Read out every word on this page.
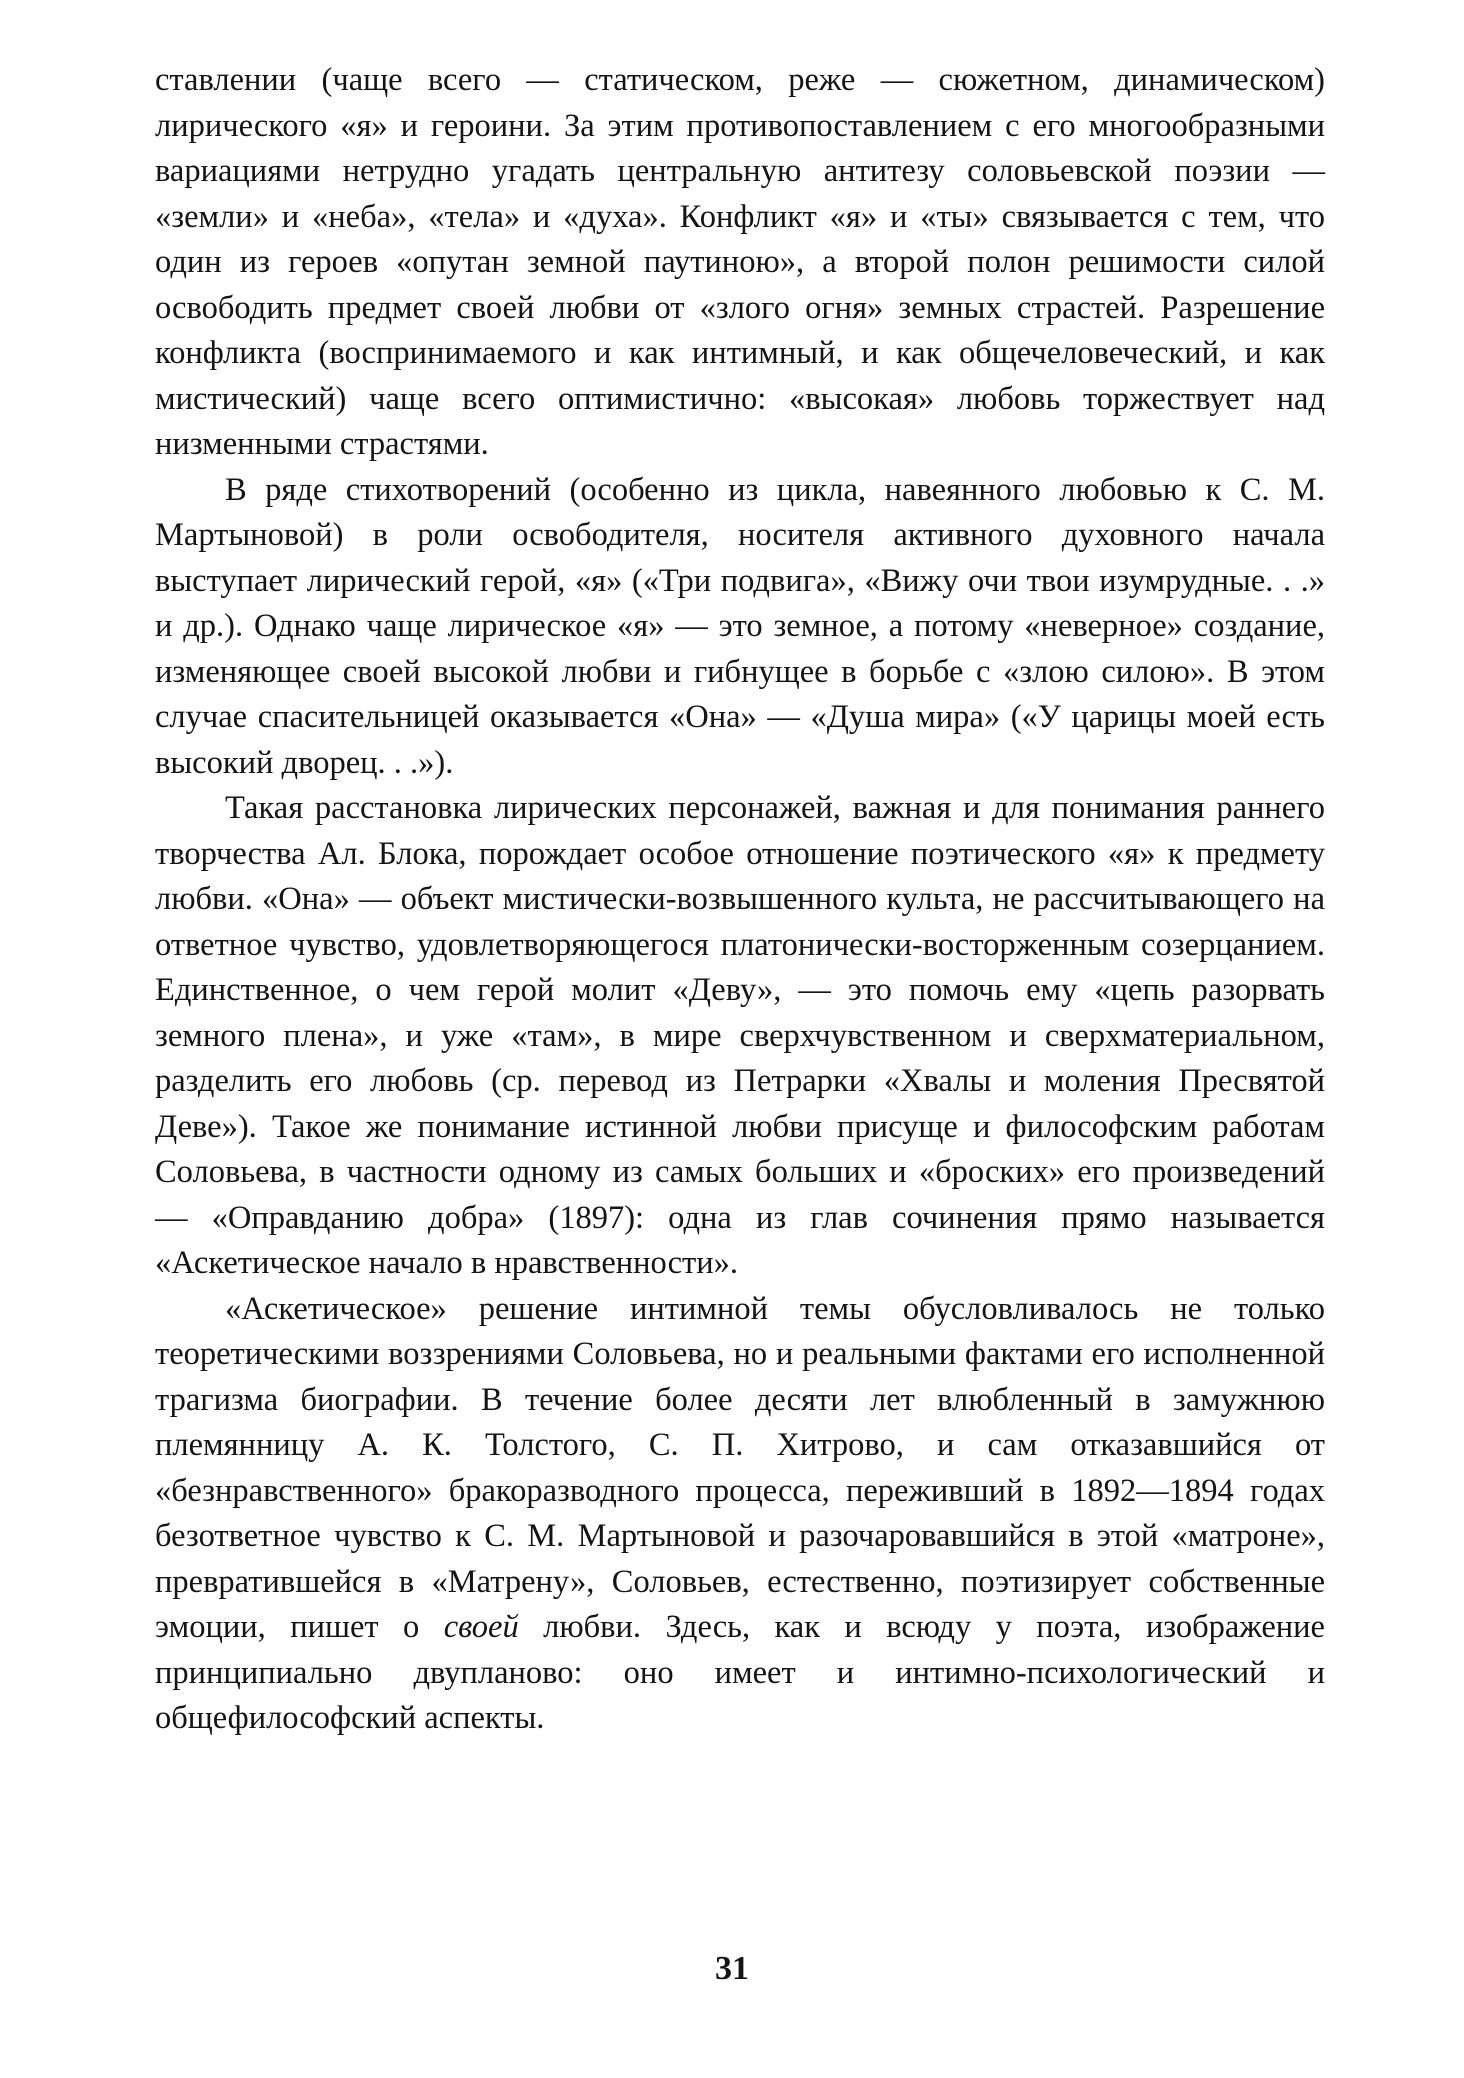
ставлении (чаще всего — статическом, реже — сюжетном, динамическом) лирического «я» и героини. За этим противопоставлением с его многообразными вариациями нетрудно угадать центральную антитезу соловьевской поэзии — «земли» и «неба», «тела» и «духа». Конфликт «я» и «ты» связывается с тем, что один из героев «опутан земной паутиною», а второй полон решимости силой освободить предмет своей любви от «злого огня» земных страстей. Разрешение конфликта (воспринимаемого и как интимный, и как общечеловеческий, и как мистический) чаще всего оптимистично: «высокая» любовь торжествует над низменными страстями.

В ряде стихотворений (особенно из цикла, навеянного любовью к С. М. Мартыновой) в роли освободителя, носителя активного духовного начала выступает лирический герой, «я» («Три подвига», «Вижу очи твои изумрудные. . .» и др.). Однако чаще лирическое «я» — это земное, а потому «неверное» создание, изменяющее своей высокой любви и гибнущее в борьбе с «злою силою». В этом случае спасительницей оказывается «Она» — «Душа мира» («У царицы моей есть высокий дворец. . .»).

Такая расстановка лирических персонажей, важная и для понимания раннего творчества Ал. Блока, порождает особое отношение поэтического «я» к предмету любви. «Она» — объект мистически-возвышенного культа, не рассчитывающего на ответное чувство, удовлетворяющегося платонически-восторженным созерцанием. Единственное, о чем герой молит «Деву», — это помочь ему «цепь разорвать земного плена», и уже «там», в мире сверхчувственном и сверхматериальном, разделить его любовь (ср. перевод из Петрарки «Хвалы и моления Пресвятой Деве»). Такое же понимание истинной любви присуще и философским работам Соловьева, в частности одному из самых больших и «броских» его произведений — «Оправданию добра» (1897): одна из глав сочинения прямо называется «Аскетическое начало в нравственности».

«Аскетическое» решение интимной темы обусловливалось не только теоретическими воззрениями Соловьева, но и реальными фактами его исполненной трагизма биографии. В течение более десяти лет влюбленный в замужнюю племянницу А. К. Толстого, С. П. Хитрово, и сам отказавшийся от «безнравственного» бракоразводного процесса, переживший в 1892—1894 годах безответное чувство к С. М. Мартыновой и разочаровавшийся в этой «матроне», превратившейся в «Матрену», Соловьев, естественно, поэтизирует собственные эмоции, пишет о своей любви. Здесь, как и всюду у поэта, изображение принципиально двупланово: оно имеет и интимно-психологический и общефилософский аспекты.

31
